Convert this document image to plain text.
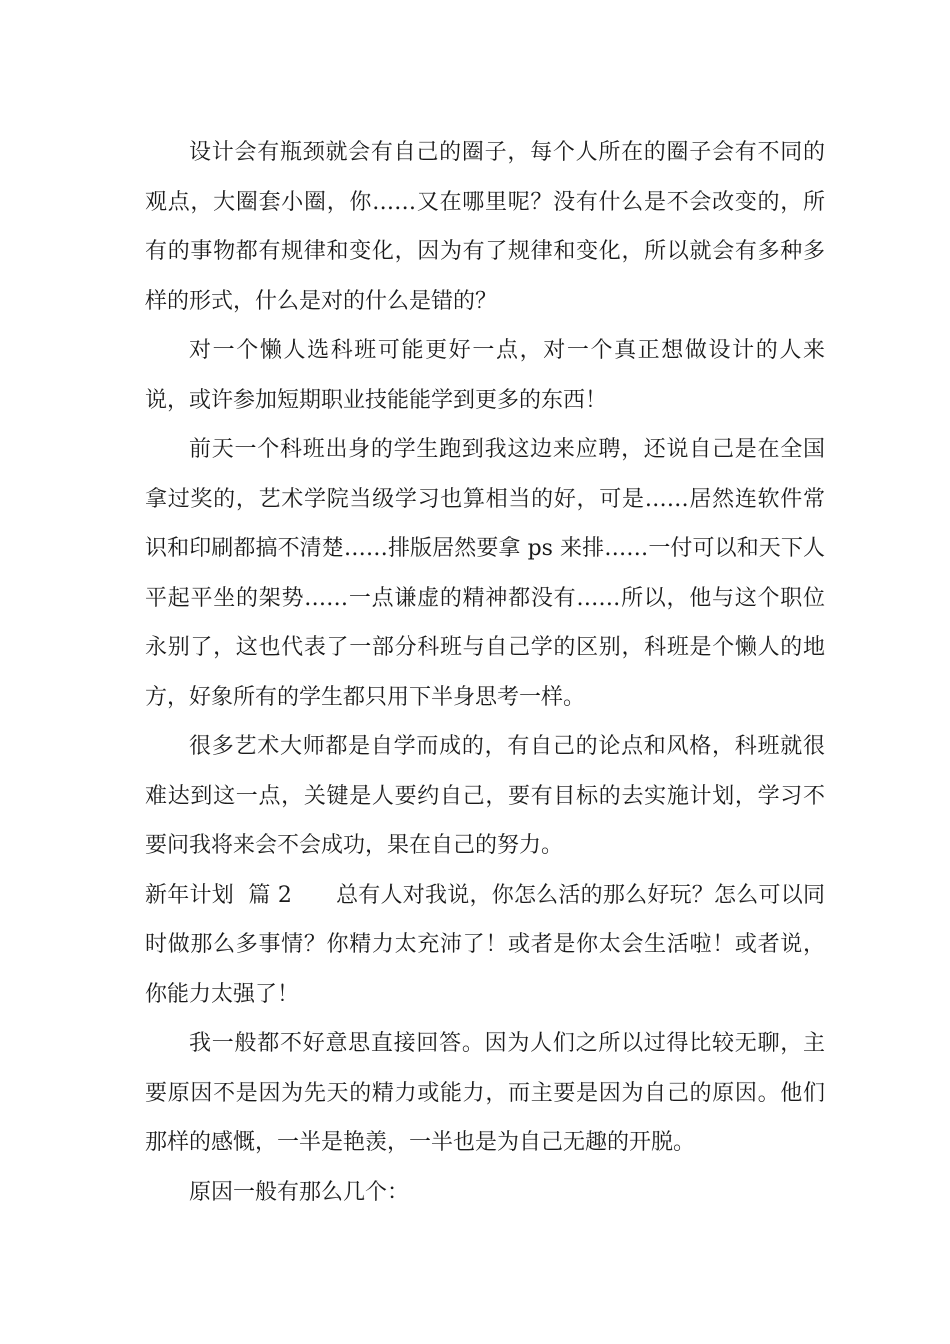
设计会有瓶颈就会有自己的圈子，每个人所在的圈子会有不同的观点，大圈套小圈，你……又在哪里呢？没有什么是不会改变的，所有的事物都有规律和变化，因为有了规律和变化，所以就会有多种多样的形式，什么是对的什么是错的？

对一个懒人选科班可能更好一点，对一个真正想做设计的人来说，或许参加短期职业技能能学到更多的东西！

前天一个科班出身的学生跑到我这边来应聘，还说自己是在全国拿过奖的，艺术学院当级学习也算相当的好，可是……居然连软件常识和印刷都搞不清楚……排版居然要拿 ps 来排……一付可以和天下人平起平坐的架势……一点谦虚的精神都没有……所以，他与这个职位永别了，这也代表了一部分科班与自己学的区别，科班是个懒人的地方，好象所有的学生都只用下半身思考一样。

很多艺术大师都是自学而成的，有自己的论点和风格，科班就很难达到这一点，关键是人要约自己，要有目标的去实施计划，学习不要问我将来会不会成功，果在自己的努力。

新年计划  篇 2 总有人对我说，你怎么活的那么好玩？怎么可以同时做那么多事情？你精力太充沛了！或者是你太会生活啦！或者说，你能力太强了！

我一般都不好意思直接回答。因为人们之所以过得比较无聊，主要原因不是因为先天的精力或能力，而主要是因为自己的原因。他们那样的感慨，一半是艳羡，一半也是为自己无趣的开脱。

原因一般有那么几个：
